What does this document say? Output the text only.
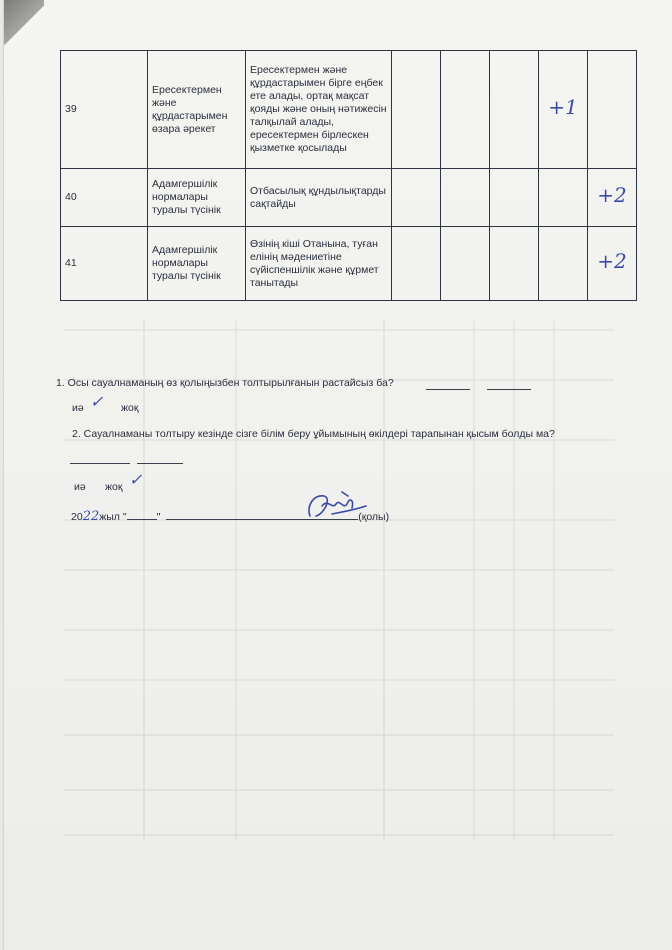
39	Ересектермен және құрдастарымен өзара әрекет	Ересектермен және құрдастарымен бірге еңбек ете алады, ортақ мақсат қояды және оның нәтижесін талқылай алады, ересектермен бірлескен қызметке қосылады				+1	
40	Адамгершілік нормалары туралы түсінік	Отбасылық құндылықтарды сақтайды					+2
41	Адамгершілік нормалары туралы түсінік	Өзінің кіші Отанына, туған елінің мәдениетіне сүйіспеншілік және құрмет танытады					+2
1. Осы сауалнаманың өз қолыңызбен толтырылғанын растайсыз ба?
иә ✓ жоқ
2. Сауалнаманы толтыру кезінде сізге білім беру ұйымының өкілдері тарапынан қысым болды ма?
иә жоқ ✓
2022жыл "	"	(қолы)
